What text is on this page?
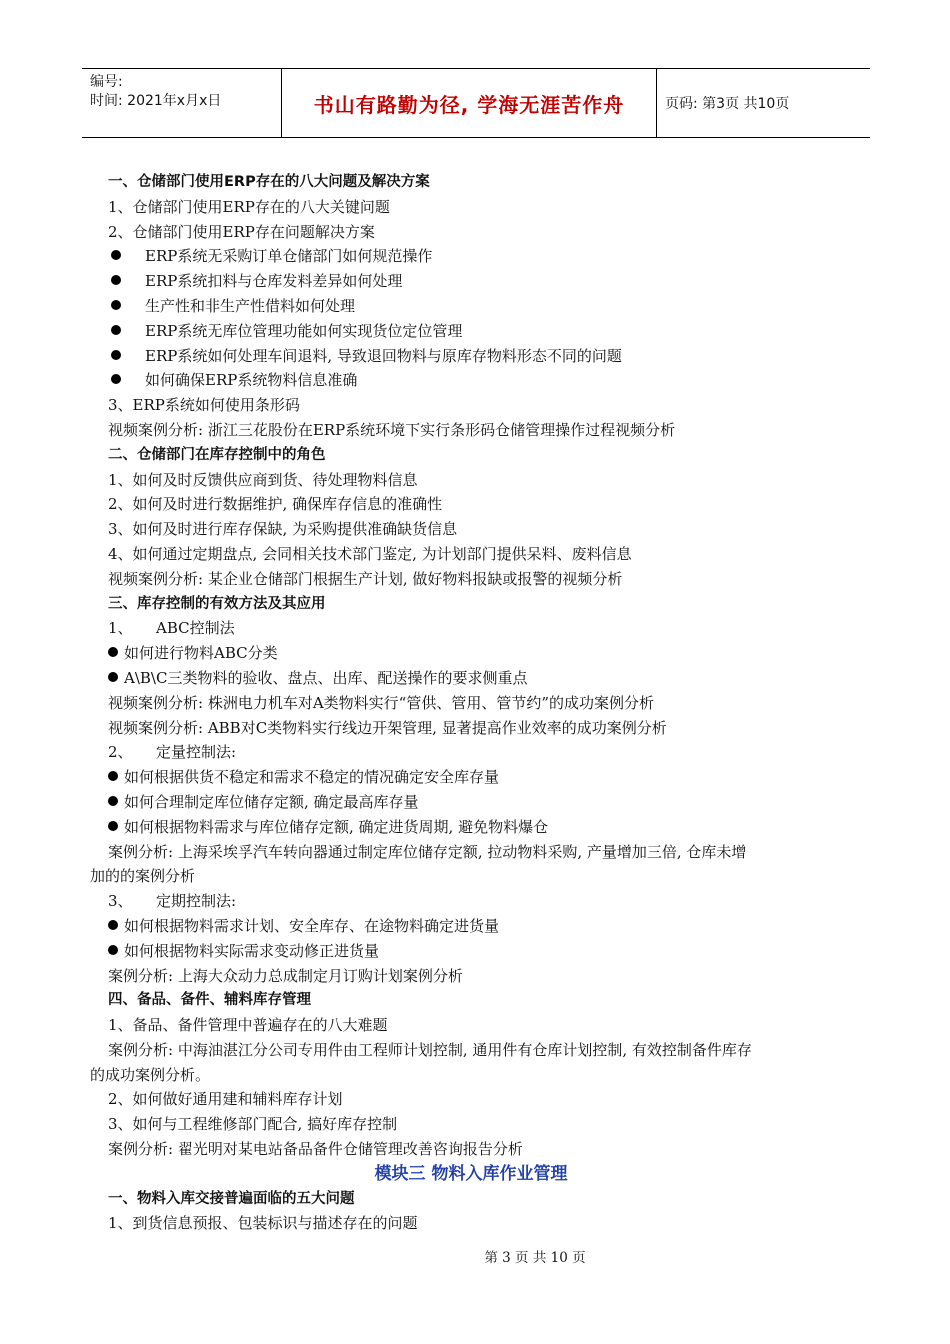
编号:
时间: 2021年x月x日	书山有路勤为径, 学海无涯苦作舟	页码: 第3页 共10页
一、仓储部门使用ERP存在的八大问题及解决方案
1、仓储部门使用ERP存在的八大关键问题
2、仓储部门使用ERP存在问题解决方案
ERP系统无采购订单仓储部门如何规范操作
ERP系统扣料与仓库发料差异如何处理
生产性和非生产性借料如何处理
ERP系统无库位管理功能如何实现货位定位管理
ERP系统如何处理车间退料, 导致退回物料与原库存物料形态不同的问题
如何确保ERP系统物料信息准确
3、ERP系统如何使用条形码
视频案例分析: 浙江三花股份在ERP系统环境下实行条形码仓储管理操作过程视频分析
二、仓储部门在库存控制中的角色
1、如何及时反馈供应商到货、待处理物料信息
2、如何及时进行数据维护, 确保库存信息的准确性
3、如何及时进行库存保缺, 为采购提供准确缺货信息
4、如何通过定期盘点, 会同相关技术部门鉴定, 为计划部门提供呆料、废料信息
视频案例分析: 某企业仓储部门根据生产计划, 做好物料报缺或报警的视频分析
三、库存控制的有效方法及其应用
1、 ABC控制法
如何进行物料ABC分类
A\B\C三类物料的验收、盘点、出库、配送操作的要求侧重点
视频案例分析: 株洲电力机车对A类物料实行“管供、管用、管节约”的成功案例分析
视频案例分析: ABB对C类物料实行线边开架管理, 显著提高作业效率的成功案例分析
2、 定量控制法:
如何根据供货不稳定和需求不稳定的情况确定安全库存量
如何合理制定库位储存定额, 确定最高库存量
如何根据物料需求与库位储存定额, 确定进货周期, 避免物料爆仓
案例分析: 上海采埃孚汽车转向器通过制定库位储存定额, 拉动物料采购, 产量增加三倍, 仓库未增
加的的案例分析
3、 定期控制法:
如何根据物料需求计划、安全库存、在途物料确定进货量
如何根据物料实际需求变动修正进货量
案例分析: 上海大众动力总成制定月订购计划案例分析
四、备品、备件、辅料库存管理
1、备品、备件管理中普遍存在的八大难题
案例分析: 中海油湛江分公司专用件由工程师计划控制, 通用件有仓库计划控制, 有效控制备件库存
的成功案例分析。
2、如何做好通用建和辅料库存计划
3、如何与工程维修部门配合, 搞好库存控制
案例分析: 翟光明对某电站备品备件仓储管理改善咨询报告分析
模块三 物料入库作业管理
一、物料入库交接普遍面临的五大问题
1、到货信息预报、包装标识与描述存在的问题
第 3 页 共 10 页
